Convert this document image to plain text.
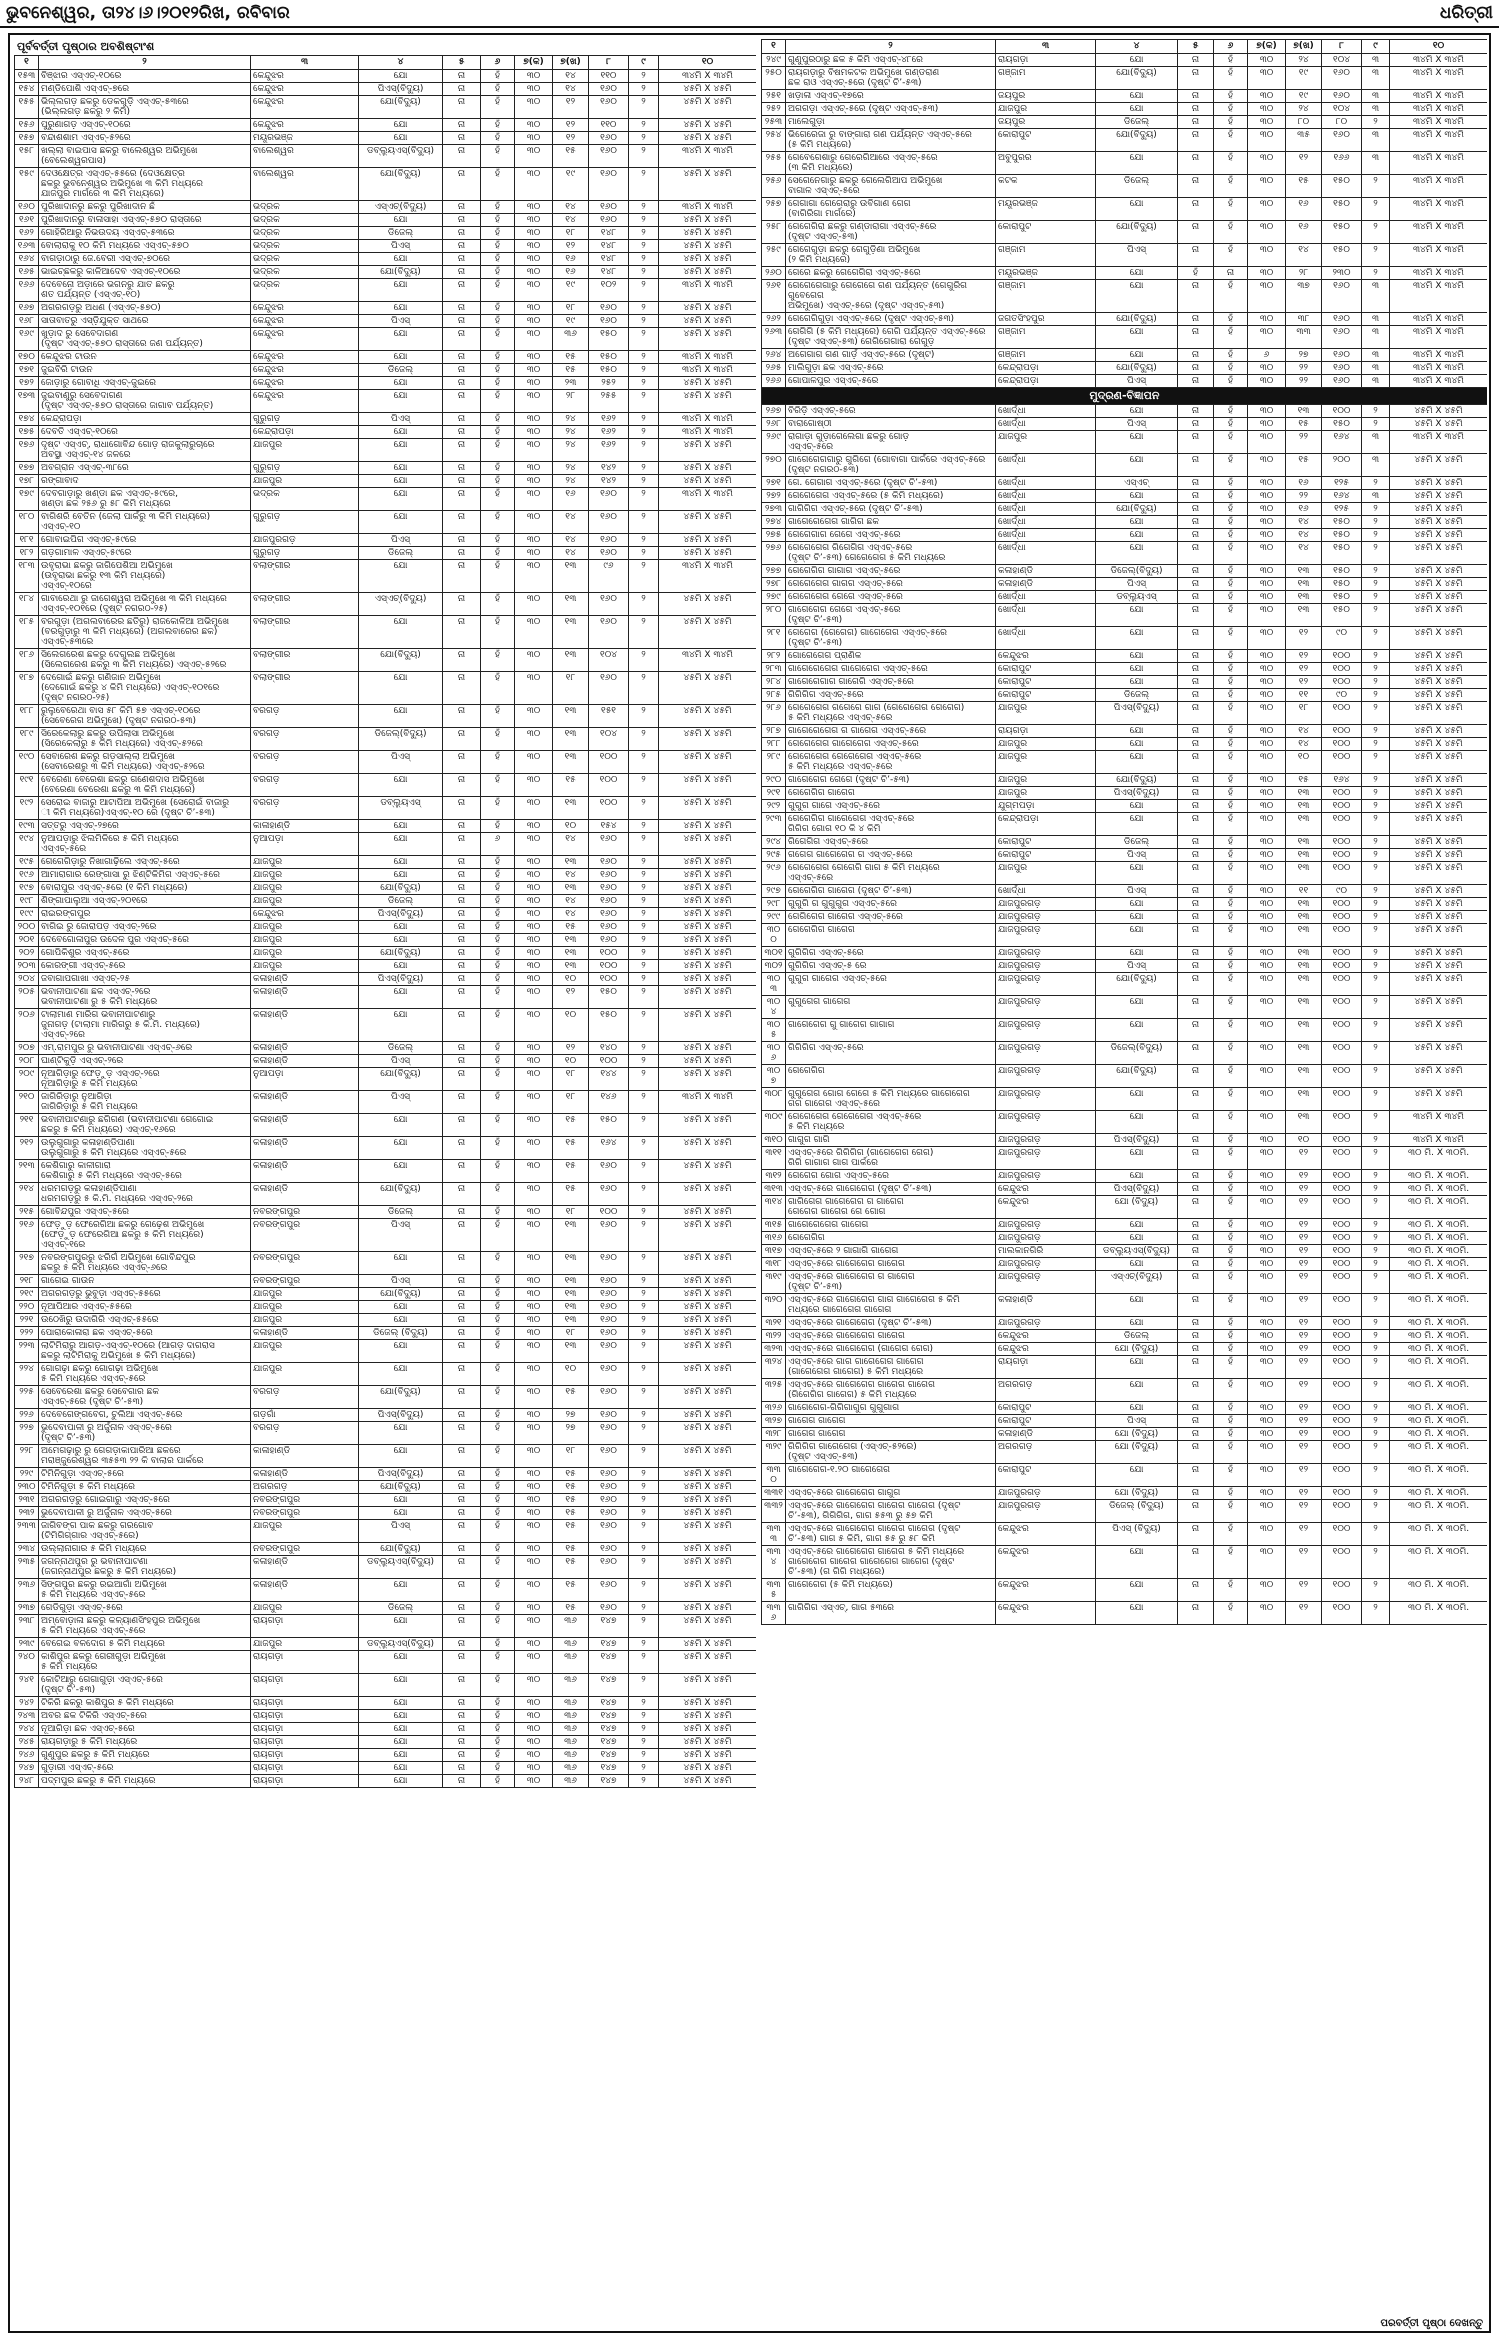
ଭୁବନେଶ୍ୱର, ତା୨୪।୬।୨୦୧୨ରିଖ, ରବିବାର	ଧରିତ୍ରୀ
ପୂର୍ବବର୍ତ୍ତୀ ପୃଷ୍ଠାର ଅବଶିଷ୍ଟାଂଶ
୧	୨	୩	୪	୫	୬	୭(କ)	୭(ଖ)	୮	୯	୧୦
୧୫୩	ବିଞ୍ଝାର ଏସ୍‌ଏଚ୍-୧୦ରେ	କେନ୍ଦୁଝର	ଯୋ	ନା	ହଁ	୩୦	୧୪	୧୧୦	୨	୩୪ମି X ୩୪ମି
୧୫୪	ମଣ୍ଡିପୋଶି ଏସ୍‌ଏଚ୍-୭ରେ	କେନ୍ଦୁଝର	ପିଏସ୍(ବିଦ୍ୟୁ)	ନା	ହଁ	୩୦	୧୪	୧୬୦	୨	୪୫ମି X ୪୫ମି
୧୫୫	ଭିଲ୍ଲଗଡ଼ ଛକରୁ ଡେକଗୁଡ଼ି ଏସ୍‌ଏଚ୍-୫୩ରେ
(ଭିଲ୍ଲଗଡ଼ ଛକରୁ ୨ କିମି)	କେନ୍ଦୁଝର	ଯୋ(ବିଦ୍ୟୁ)	ନା	ହଁ	୩୦	୧୨	୧୬୦	୨	୪୫ମି X ୪୫ମି
୧୫୬	ପୁରୁଣାଗଡ଼ ଏସ୍‌ଏଚ୍-୧୦ରେ	କେନ୍ଦୁଝର	ଯୋ	ନା	ହଁ	୩୦	୧୨	୧୧୦	୨	୪୫ମି X ୪୫ମି
୧୫୭	ବନ୍ଦାଶଶାମ ଏସ୍‌ଏଚ୍-୫୨ରେ	ମୟୂରଭଞ୍ଜ	ଯୋ	ନା	ହଁ	୩୦	୧୨	୧୬୦	୨	୪୫ମି X ୪୫ମି
୧୫୮	ଖଲ୍ଲା ବାଇପାସ ଛକରୁ ବାଲେଶ୍ୱର ଅଭିମୁଖେ
(ବେଲେଶ୍ୱରପାସ)	ବାଲେଶ୍ୱର	ଡବ୍ଲ୍ୟୁଏସ୍(ବିଦ୍ୟୁ)	ନା	ହଁ	୩୦	୧୫	୧୬୦	୨	୩୪ମି X ୩୪ମି
୧୫୯	ଦେଓକ୍ଷେତ୍ର ଏସ୍‌ଏଚ୍-୫୫ରେ (ଦେଓକ୍ଷେତ୍ର
ଛକରୁ ଭୁବନେଶ୍ୱର ଅଭିମୁଖେ ୩ କିମି ମଧ୍ୟରେ
ଯାଜପୁର ମାର୍ଗରେ ୩ କିମି ମଧ୍ୟରେ)	ବାଲେଶ୍ୱର	ଯୋ(ବିଦ୍ୟୁ)	ନା	ହଁ	୩୦	୧୯	୧୬୦	୨	୪୫ମି X ୪୫ମି
୧୬୦	ପୁରିଖାଦାନରୁ ଛକରୁ ପୁରିଖାଦାନ ଛଁ	ଭଦ୍ରକ	ଏସ୍‌ଏଚ୍(ବିଦ୍ୟୁ)	ନା	ହଁ	୩୦	୧୪	୧୬୦	୨	୩୪ମି X ୩୪ମି
୧୬୧	ପୁରିଖାଦାନରୁ ବାଳାସାହା ଏସ୍‌ଏଚ୍-୫୭୦ ରାସ୍ତାରେ	ଭଦ୍ରକ	ଯୋ	ନା	ହଁ	୩୦	୧୪	୧୬୦	୨	୪୫ମି X ୪୫ମି
୧୬୨	ଗୋହିରିଆରୁ ନିଭଉଦୟ ଏସ୍‌ଏଚ୍-୫୩ରେ	ଭଦ୍ରକ	ଡିଜେଲ୍	ନା	ହଁ	୩୦	୧୮	୧୪୮	୨	୪୫ମି X ୪୫ମି
୧୬୩	ବୋଲାରାକୁ ୧୦ କିମି ମଧ୍ୟରେ ଏସ୍‌ଏଚ୍-୫୭୦	ଭଦ୍ରକ	ପିଏସ୍	ନା	ହଁ	୩୦	୧୨	୧୪୮	୨	୪୫ମି X ୪୫ମି
୧୬୪	ବାଗଡ଼ାଠାରୁ ଜେ.ବେରୀ ଏସ୍‌ଏଚ୍-୭୦ରେ	ଭଦ୍ରକ	ଯୋ	ନା	ହଁ	୩୦	୧୬	୧୪୮	୨	୪୫ମି X ୪୫ମି
୧୬୫	ଭାଇଚ୍ଛକରୁ କାଳିଆଦେବ ଏସ୍‌ଏଚ୍-୧୦ରେ	ଭଦ୍ରକ	ଯୋ(ବିଦ୍ୟୁ)	ନା	ହଁ	୩୦	୧୬	୧୪୮	୨	୪୫ମି X ୪୫ମି
୧୬୬	ଦେବେନୋ ଅଡ଼ାରେ ଭଗନରୁ ଯାତ ଛକରୁ
ଶତ ପର୍ଯ୍ୟନ୍ତ (ଏସ୍‌ଏଚ୍-୧୦)	ଭଦ୍ରକ	ଯୋ	ନା	ହଁ	୩୦	୧୯	୧୦୨	୨	୩୪ମି X ୩୪ମି
୧୬୭	ଅଗରଗଡ଼ରୁ ଅଧଣ (ଏସ୍‌ଏଚ୍-୫୭୦)	କେନ୍ଦୁଝର	ଯୋ	ନା	ହଁ	୩୦	୧୮	୧୬୦	୨	୪୫ମି X ୪୫ମି
୧୬୮	ସାତାବାତରୁ ଏସ୍‌ଡ଼ିଯୁକ୍ତ ସାଥରେ	କେନ୍ଦୁଝର	ପିଏସ୍	ନା	ହଁ	୩୦	୧୯	୧୬୦	୨	୪୫ମି X ୪୫ମି
୧୬୯	ଖୁଡ଼ାଦ ରୁ ସେବେଦାଗଣ
(ଦୃଷ୍ଟ ଏସ୍‌ଏଚ୍-୫୭୦ ରାସ୍ତାରେ ଜଣ ପର୍ଯ୍ୟନ୍ତ)	କେନ୍ଦୁଝର	ଯୋ	ନା	ହଁ	୩୦	୩୬	୧୫୦	୨	୪୫ମି X ୪୫ମି
୧୭୦	କେନ୍ଦୁଝର ଟାଉନ	କେନ୍ଦୁଝର	ଯୋ	ନା	ହଁ	୩୦	୧୫	୧୫୦	୨	୩୪ମି X ୩୪ମି
୧୭୧	ଜୁଇବିରି ଟାଉନ	କେନ୍ଦୁଝର	ଡିଜେଲ୍	ନା	ହଁ	୩୦	୧୫	୧୫୦	୨	୩୪ମି X ୩୪ମି
୧୭୨	ଜୋଡ଼ାରୁ ଗୋବାଧି ଏସ୍‌ଏଚ୍-ଜୁଇରେ	କେନ୍ଦୁଝର	ଯୋ	ନା	ହଁ	୩୦	୨୩	୨୫୨	୨	୪୫ମି X ୪୫ମି
୧୭୩	ଜୁଇବାଣୁରୁ ସେବେଦାଗଣ
(ଦୃଷ୍ଟ ଏସ୍‌ଏଚ୍-୫୭୦ ରାସ୍ତାରେ ଜାଗାବ ପର୍ଯ୍ୟନ୍ତ)	କେନ୍ଦୁଝର	ଯୋ	ନା	ହଁ	୩୦	୨୮	୨୫୫	୨	୪୫ମି X ୪୫ମି
୧୭୪	କେନ୍ଦ୍ରାପଡ଼ା	ଗୁରୁଗଡ଼	ପିଏସ୍	ନା	ହଁ	୩୦	୨୪	୧୬୨	୨	୩୪ମି X ୩୪ମି
୧୭୫	ଦେବତି ଏସ୍‌ଏଚ୍-୧୦ରେ	କେନ୍ଦ୍ରାପଡ଼ା	ଯୋ	ନା	ହଁ	୩୦	୨୪	୧୬୨	୨	୩୪ମି X ୩୪ମି
୧୭୬	ଦୃଷ୍ଟ ଏସ୍‌ଏଚ୍, ରାଧାଗୋବିନ୍ଦ ଗୋଡ଼ ରାଜକୁଲାରୁଚାରେ
ଅବସ୍ଥା ଏସ୍‌ଏଚ୍-୧୪ ଜଳରେ	ଯାଜପୁର	ଯୋ	ନା	ହଁ	୩୦	୨୪	୧୬୨	୨	୪୫ମି X ୪୫ମି
୧୭୭	ଅବଗ୍ରାନ ଏସ୍‌ଏଚ୍-୩୮ରେ	ଗୁରୁଗଡ଼	ଯୋ	ନା	ହଁ	୩୦	୨୪	୧୪୨	୨	୪୫ମି X ୪୫ମି
୧୭୮	ରଙ୍ଗାବାଦ	ଯାଜପୁର	ଯୋ	ନା	ହଁ	୩୦	୨୪	୧୪୨	୨	୪୫ମି X ୪୫ମି
୧୭୯	ଦେବଗାଡ଼ାରୁ ଖଣ୍ଡା ଛକ ଏସ୍‌ଏଚ୍-୫୯ରେ,
ଖଣ୍ଡା ଛକ ୨୫୬ ରୁ ୫୮ କିମି ମଧ୍ୟରେ	ଭଦ୍ରକ	ଯୋ	ନା	ହଁ	୩୦	୧୬	୧୬୦	୨	୩୪ମି X ୩୪ମି
୧୮୦	ବାଗିଶରି ବେତିନ (ଜେଲା ପାର୍କରୁ ୩ କିମି ମଧ୍ୟରେ)
ଏସ୍‌ଏଚ୍-୧୦	ଗୁରୁଗଡ଼	ଯୋ	ନା	ହଁ	୩୦	୧୪	୧୬୦	୨	୪୫ମି X ୪୫ମି
୧୮୧	ଗୋବାଇପିଗ ଏସ୍‌ଏଚ୍-୫୯ରେ	ଯାଜପୁରଗଡ଼	ପିଏସ୍	ନା	ହଁ	୩୦	୧୪	୧୬୦	୨	୪୫ମି X ୪୫ମି
୧୮୨	ଗଡ଼ଗାମାଳ ଏସ୍‌ଏଚ୍-୫୯ରେ	ଗୁରୁଗଡ଼	ଡିଜେଲ୍	ନା	ହଁ	୩୦	୧୪	୧୬୦	୨	୪୫ମି X ୪୫ମି
୧୮୩	ଉବୃରାଭା ଛକରୁ ଜାଗିପେଶିଆ ଅଭିମୁଖେ
(ଉବୃରାଭା ଛକରୁ ୧୩ କିମି ମଧ୍ୟରେ)
ଏସ୍‌ଏଚ୍-୧୦ରେ	ବଲାଙ୍ଗୀର	ଯୋ	ନା	ହଁ	୩୦	୧୩	୯୬	୨	୩୪ମି X ୩୪ମି
୧୮୪	ଗାବାରେଥା ରୁ ଜାଗେଶ୍ୱରା ଅଭିମୁଖେ ୩ କିମି ମଧ୍ୟରେ
ଏସ୍‌ଏଚ୍-୧୦୧ରେ (ଦୃଷ୍ଟ ନଗରଠ-୨୫)	ବଲାଙ୍ଗୀର	ଏସ୍‌ଏଚ୍(ବିଦ୍ୟୁ)	ନା	ହଁ	୩୦	୧୩	୧୬୦	୨	୪୫ମି X ୪୫ମି
୧୮୫	ବରଗୁଡ଼ା (ଅଗଲବାରେର ଛତିରୁ) ରାଜକୋଳିଆ ଅଭିମୁଖେ
(ବରଗୁଡ଼ାରୁ ୩ କିମି ମଧ୍ୟରେ) (ଅଗଲବାରେର ଛକ)
ଏସ୍‌ଏଚ୍-୫୩ରେ	ବଲାଙ୍ଗୀର	ଯୋ	ନା	ହଁ	୩୦	୧୩	୧୬୦	୨	୪୫ମି X ୪୫ମି
୧୮୬	ସିଲେଗରେଶ ଛକରୁ ଦେଗୁଲଛ ଅଭିମୁଖେ
(ସିଲେଗରେଶ ଛକରୁ ୩ କିମି ମଧ୍ୟରେ) ଏସ୍‌ଏଚ୍-୫୨ରେ	ବଲାଙ୍ଗୀର	ଯୋ(ବିଦ୍ୟୁ)	ନା	ହଁ	୩୦	୧୩	୧୦୪	୨	୩୪ମି X ୩୪ମି
୧୮୭	ଦେଗୋଇଁ ଛକରୁ ଗଣିଜାନ ଅଭିମୁଖେ
(ଦେଗୋଇଁ ଛକରୁ ୪ କିମି ମଧ୍ୟରେ) ଏସ୍‌ଏଚ୍-୧୦୧ରେ
(ଦୃଷ୍ଟ ନଗରଠ-୨୫)	ବଲାଙ୍ଗୀର	ଯୋ	ନା	ହଁ	୩୦	୧୮	୧୬୦	୨	୪୫ମି X ୪୫ମି
୧୮୮	ରୁଲୁବେରେଥା ବାସ ୫୮ କିମି ୫୭ ଏସ୍‌ଏଚ୍-୧୦ରେ
(ସେବେରେଗ ଅଭିମୁଖେ) (ଦୃଷ୍ଟ ନଗରଠ-୫୩)	ବରଗଡ଼	ଯୋ	ନା	ହଁ	୩୦	୧୩	୧୫୧	୨	୪୫ମି X ୪୫ମି
୧୮୯	ସିରେକେଲାରୁ ଛକରୁ ଉପିଲାସା ଅଭିମୁଖେ
(ସିରେକେଲାରୁ ୫ କିମି ମଧ୍ୟରେ) ଏସ୍‌ଏଚ୍-୫୨ରେ	ବରଗଡ଼	ଡିଜେଲ୍(ବିଦ୍ୟୁ)	ନା	ହଁ	୩୦	୧୩	୧୦୪	୨	୪୫ମି X ୪୫ମି
୧୯୦	ସେବାରେଶ ଛକରୁ ଗଡ଼ସାଲ୍ଲା ଅଭିମୁଖେ
(ସେବାରେଶରୁ ୩ କିମି ମଧ୍ୟରେ) ଏସ୍‌ଏଚ୍-୫୨ରେ	ବରଗଡ଼	ପିଏସ୍	ନା	ହଁ	୩୦	୧୩	୧୦୦	୨	୪୫ମି X ୪୫ମି
୧୯୧	ବେରେଣା ବେରେଶା ଛକରୁ ଗଣେଶଦାସ ଅଭିମୁଖେ
(ବେରେଣା ବେରେଶା ଛକରୁ ୩ କିମି ମଧ୍ୟରେ)	ବରଗଡ଼	ଯୋ	ନା	ହଁ	୩୦	୧୫	୧୦୦	୨	୪୫ମି X ୪୫ମି
୧୯୨	ସେରୋଇ ବାଜାରୁ ଆଟାପିଆ ଅଭିମୁଖେ (ସେରୋଇଁ ବାଜାରୁ
ୀ କିମି ମଧ୍ୟରେ)ଏସ୍‌ଏଚ୍-୧୦ ରେ (ଦୃଷ୍ଟ ଚି’-୫୩)	ବରଗଡ଼	ଡବ୍ଲ୍ୟୁଏସ୍	ନା	ହଁ	୩୦	୧୩	୧୦୦	୨	୪୫ମି X ୪୫ମି
୧୯୩	ସତ୍ତରୁ ଏସ୍‌ଏଚ୍-୨୭ରେ	କାଳାହାଣ୍ଡି	ଯୋ	ନା	ହଁ	୩୦	୧୦	୧୫୪	୨	୪୫ମି X ୪୫ମି
୧୯୪	ନୁଆପଡ଼ାରୁ ଝିଲମିଳିରେ ୫ କିମି ମଧ୍ୟରେ
ଏସ୍‌ଏଚ୍-୫ରେ	ନୁଆପଡ଼ା	ଯୋ	ନା	୬	୩୦	୧୪	୧୬୦	୨	୪୫ମି X ୪୫ମି
୧୯୫	ଗେଗେଗିଡ଼ାରୁ ନିଖାଗାଢ଼ିଲେ ଏସ୍‌ଏଚ୍-୫ରେ	ଯାଜପୁର	ଯୋ	ନା	ହଁ	୩୦	୧୩	୧୬୦	୨	୪୫ମି X ୪୫ମି
୧୯୬	ଆମାରାଗାର ରେଙ୍ଗାସା ରୁ ଝିଣ୍ଟିକିମିଗ ଏସ୍‌ଏଚ୍-୫ରେ	ଯାଜପୁର	ଯୋ	ନା	ହଁ	୩୦	୧୪	୧୬୦	୨	୪୫ମି X ୪୫ମି
୧୯୭	ବୋରାପୁର ଏସ୍‌ଏଚ୍-୫ରେ (୧ କିମି ମଧ୍ୟରେ)	ଯାଜପୁର	ଯୋ(ବିଦ୍ୟୁ)	ନା	ହଁ	୩୦	୧୩	୧୬୦	୨	୪୫ମି X ୪୫ମି
୧୯୮	ଶିଙ୍ଗାପାଲୁଆ ଏସ୍‌ଏଚ୍-୨୦୧ରେ	ଯାଜପୁର	ଡିଜେଲ୍	ନା	ହଁ	୩୦	୧୪	୧୬୦	୨	୪୫ମି X ୪୫ମି
୧୯୯	ରାଇରଙ୍ଗପୁର	କେନ୍ଦୁଝର	ପିଏସ୍(ବିଦ୍ୟୁ)	ନା	ହଁ	୩୦	୧୪	୧୬୦	୨	୪୫ମି X ୪୫ମି
୨୦୦	ବାଗିଇ ରୁ ଜୋରାପଡ଼ ଏସ୍‌ଏଚ୍-୨ରେ	ଯାଜପୁର	ଯୋ	ନା	ହଁ	୩୦	୧୫	୧୬୦	୨	୪୫ମି X ୪୫ମି
୨୦୧	ଦେବେଗୋଳାପୁର ଉଦେଳ ପୁର ଏସ୍‌ଏଚ୍-୫ରେ	ଯାଜପୁର	ଯୋ	ନା	ହଁ	୩୦	୧୩	୧୬୦	୨	୪୫ମି X ୪୫ମି
୨୦୨	ଗୋପିକିଶୁର ଏସ୍‌ଏଚ୍-୫ରେ	ଯାଜପୁର	ଯୋ(ବିଦ୍ୟୁ)	ନା	ହଁ	୩୦	୧୩	୧୦୦	୨	୪୫ମି X ୪୫ମି
୨୦୩	କୋରଙ୍ଗୀ ଏସ୍‌ଏଚ୍-୫ରେ	ଯାଜପୁର	ଯୋ	ନା	ହଁ	୩୦	୧୩	୧୦୦	୨	୪୫ମି X ୪୫ମି
୨୦୪	ଜବାଗାପଗାଖା ଏସ୍‌ଏଚ୍-୨୫	କଳାହାଣ୍ଡି	ପିଏସ୍(ବିଦ୍ୟୁ)	ନା	ହଁ	୩୦	୧୦	୧୦୦	୨	୪୫ମି X ୪୫ମି
୨୦୫	ଭବାନୀପାଟଣା ଛକ ଏସ୍‌ଏଚ୍-୨ରେ
ଭବାନୀପାଟଣା ରୁ ୫ କିମି ମଧ୍ୟରେ	କଳାହାଣ୍ଡି	ଯୋ	ନା	ହଁ	୩୦	୧୨	୧୫୦	୨	୪୫ମି X ୪୫ମି
୨୦୬	ଟାଲାମାଣ ମାରିଗ ଭବାନୀପାଟଣାରୁ
ଜୁନାଗଡ଼ (ଟାଲାମା ମାରିଗରୁ ୫ କି.ମି. ମଧ୍ୟରେ)
ଏସ୍‌ଏଚ୍-୨ରେ	କଳାହାଣ୍ଡି	ଯୋ	ନା	ହଁ	୩୦	୧୦	୧୫୦	୨	୪୫ମି X ୪୫ମି
୨୦୭	ଏମ୍‌.ରାମପୁର ରୁ ଭବାନୀପାଟଣା ଏସ୍‌ଏଚ୍-୬ରେ	କଳାହାଣ୍ଡି	ଡିଜେଲ୍	ନା	ହଁ	୩୦	୧୨	୧୪୦	୨	୪୫ମି X ୪୫ମି
୨୦୮	ଘାଣ୍ଟିକୁଡ଼ି ଏସ୍‌ଏଚ୍-୨ରେ	କଳାହାଣ୍ଡି	ପିଏସ୍	ନା	ହଁ	୩୦	୧୦	୧୦୦	୨	୪୫ମି X ୪୫ମି
୨୦୯	ନୂଆଗିଡ଼ାରୁ ଫେଡ଼ୁଡ଼ ଏସ୍‌ଏଚ୍-୨ରେ
ନୂଆଗିଡ଼ାରୁ ୫ କିମି ମଧ୍ୟରେ	ନୁଆପଡ଼ା	ଯୋ(ବିଦ୍ୟୁ)	ନା	ହଁ	୩୦	୧୮	୧୪୪	୨	୪୫ମି X ୪୫ମି
୨୧୦	ଜାଗିରିଡ଼ାରୁ ନୁଆଗିଡ଼ା
ଜାଗିରିଡ଼ାରୁ ୫ କିମି ମଧ୍ୟରେ	କଳାହାଣ୍ଡି	ପିଏସ୍	ନା	ହଁ	୩୦	୧୮	୧୪୬	୨	୩୪ମି X ୩୪ମି
୨୧୧	ଭବାନୀପାଟଣାରୁ ଛଗିଗଣ (ଭବାନୀପାଟଣା ଗେଗୋଇ
ଛକରୁ ୫ କିମି ମଧ୍ୟରେ) ଏସ୍‌ଏଚ୍-୧୬ରେ	କଳାହାଣ୍ଡି	ଯୋ	ନା	ହଁ	୩୦	୧୫	୧୫୦	୨	୪୫ମି X ୪୫ମି
୨୧୨	ଉଲୁଗୁଗାରୁ କଳାହାଣ୍ଡିପାଣା
ଉଲୁଗୁଗାରୁ ୫ କିମି ମଧ୍ୟରେ ଏସ୍‌ଏଚ୍-୫ରେ	କଳାହାଣ୍ଡି	ଯୋ	ନା	ହଁ	୩୦	୧୫	୧୬୪	୨	୪୫ମି X ୪୫ମି
୨୧୩	କେଶିଗାରୁ କାଳୀଗାରା
କେଶିଗାରୁ ୫ କିମି ମଧ୍ୟରେ ଏସ୍‌ଏଚ୍-୫ରେ	କଳାହାଣ୍ଡି	ଯୋ	ନା	ହଁ	୩୦	୧୫	୧୬୦	୨	୪୫ମି X ୪୫ମି
୨୧୪	ଧରମଗଡ଼ରୁ କଳାହାଣ୍ଡିପାଣା
ଧରମଗଡ଼ରୁ ୫ କି.ମି. ମଧ୍ୟରେ ଏସ୍‌ଏଚ୍-୨ରେ	କଳାହାଣ୍ଡି	ଯୋ(ବିଦ୍ୟୁ)	ନା	ହଁ	୩୦	୧୫	୧୬୦	୨	୪୫ମି X ୪୫ମି
୨୧୫	ଗୋବିନ୍ଦପୁର ଏସ୍‌ଏଚ୍-୫ରେ	ନବରଙ୍ଗପୁର	ଡିଜେଲ୍	ନା	ହଁ	୩୦	୧୮	୧୦୦	୨	୪୫ମି X ୪୫ମି
୨୧୬	ଫେଡ଼ୁଡ଼ ଫେରେଗିଆ ଛକରୁ ଗେଢ଼େଶ ଅଭିମୁଖେ
(ଫେଡ଼ୁଡ଼ ଫେରେଗିଆ ଛକରୁ ୫ କିମି ମଧ୍ୟରେ)
ଏସ୍‌ଏଚ୍-୧ରେ	ନବରଙ୍ଗପୁର	ପିଏସ୍	ନା	ହଁ	୩୦	୧୩	୧୬୦	୨	୪୫ମି X ୪୫ମି
୨୧୭	ନବରଙ୍ଗପୁରରୁ ଝରିଗଁ ଅଭିମୁଖେ ଗୋବିନ୍ଦପୁର
ଛକରୁ ୫ କିମି ମଧ୍ୟରେ ଏସ୍‌ଏଚ୍-୬ରେ	ନବରଙ୍ଗପୁର	ଯୋ	ନା	ହଁ	୩୦	୧୩	୧୬୦	୨	୪୫ମି X ୪୫ମି
୨୧୮	ଗାଗେଇ ଗାଉନ	ନବରଙ୍ଗପୁର	ପିଏସ୍	ନା	ହଁ	୩୦	୧୩	୧୬୦	୨	୪୫ମି X ୪୫ମି
୨୧୯	ଅଗରଗଡ଼ରୁ ଭୁବୁଡ଼ା ଏସ୍‌ଏଚ୍-୫୫ରେ	ଯାଜପୁର	ଯୋ(ବିଦ୍ୟୁ)	ନା	ହଁ	୩୦	୧୩	୧୬୦	୨	୪୫ମି X ୪୫ମି
୨୨୦	ନୂଆପିଆର ଏସ୍‌ଏଚ୍-୫୫ରେ	ଯାଜପୁର	ଯୋ	ନା	ହଁ	୩୦	୧୩	୧୬୦	୨	୪୫ମି X ୪୫ମି
୨୨୧	ଉଠେଖିରୁ ଉଦାଗିରି ଏସ୍‌ଏଚ୍-୫୫ରେ	ଯାଜପୁର	ଯୋ	ନା	ହଁ	୩୦	୧୩	୧୬୦	୨	୪୫ମି X ୪୫ମି
୨୨୨	ପୋରାକୋଳାରା ଛକ ଏସ୍‌ଏଚ୍-୫ରେ	କଳାହାଣ୍ଡି	ଡିଜେଲ୍ (ବିଦ୍ୟୁ)	ନା	ହଁ	୩୦	୧୮	୧୬୦	୨	୪୫ମି X ୪୫ମି
୨୨୩	ଲାଟିମିରାରୁ ଆଗଡ଼-ଏସ୍‌ଏଚ୍-୧୦ରେ (ଆଗଡ଼ ଦାଗରାସ
ଛକରୁ ଲାଟିମିରାକୁ ଅଭିମୁଖେ ୫ କିମି ମଧ୍ୟରେ)	ଯାଜପୁର	ଯୋ	ନା	ହଁ	୩୦	୧୩	୧୬୦	୨	୪୫ମି X ୪୫ମି
୨୨୪	ଗୋଗଢ଼ା ଛକରୁ ଗୋଗଢ଼ା ଅଭିମୁଖେ
୫ କିମି ମଧ୍ୟରେ ଏସ୍‌ଏଚ୍-୫ରେ	ଯାଜପୁର	ଯୋ	ନା	ହଁ	୩୦	୧୦	୧୬୦	୨	୪୫ମି X ୪୫ମି
୨୨୫	ସେବେରେଶା ଛକରୁ ସେବେଗାର ଛକ
ଏସ୍‌ଏଚ୍-୫ରେ (ଦୃଷ୍ଟ ଚି’-୫୩)	ବରଗଡ଼	ଯୋ(ବିଦ୍ୟୁ)	ନା	ହଁ	୩୦	୧୫	୧୬୦	୨	୪୫ମି X ୪୫ମି
୨୨୬	ଦେବେଗେଙ୍ଗବେଗ, ଚୁଲିଆ ଏସ୍‌ଏଚ୍-୫ରେ	ଗଡ଼ଗାଁ	ପିଏସ୍(ବିଦ୍ୟୁ)	ନା	ହଁ	୩୦	୨୭	୧୬୦	୨	୪୫ମି X ୪୫ମି
୨୨୭	ଭୁଦେବାପାଳୀ ରୁ ଅର୍ଜୁନାଳ ଏସ୍‌ଏଚ୍-୫ରେ
(ଦୃଷ୍ଟ ଚି’-୫୩)	ବରଗଡ଼	ଯୋ	ନା	ହଁ	୩୦	୨୭	୧୬୦	୨	୪୫ମି X ୪୫ମି
୨୨୮	ଅମେଗଢ଼ାରୁ ରୁ ଗେଗଡ଼ାକାପାରିଆ ଛକରେ
ମରାଞ୍ଜୁରେଶ୍ୱର ୩୫୫୩ ୨୨ କି ବାଲାର ପାର୍କରେ	କାଳାହାଣ୍ଡି	ଯୋ	ନା	ହଁ	୩୦	୧୮	୧୬୦	୨	୪୫ମି X ୪୫ମି
୨୨୯	ଟିମିନିଗୁଡ଼ା ଏସ୍‌ଏଚ୍-୫ରେ	କଳାହାଣ୍ଡି	ପିଏସ୍(ବିଦ୍ୟୁ)	ନା	ହଁ	୩୦	୧୫	୧୬୦	୨	୪୫ମି X ୪୫ମି
୨୩୦	ଟିମିନିଗୁଡ଼ା ୫ କିମି ମଧ୍ୟରେ	ଅଗରଗଡ଼	ଯୋ(ବିଦ୍ୟୁ)	ନା	ହଁ	୩୦	୧୫	୧୬୦	୨	୪୫ମି X ୪୫ମି
୨୩୧	ଅଗରଗଡ଼ରୁ ଗୋଇଗାରୁ ଏସ୍‌ଏଚ୍-୫ରେ	ନବରଙ୍ଗପୁର	ଯୋ	ନା	ହଁ	୩୦	୧୫	୧୬୦	୨	୪୫ମି X ୪୫ମି
୨୩୨	ଭୁଦେବାପାଳୀ ରୁ ଅର୍ଜୁନାଳ ଏସ୍‌ଏଚ୍-୫ରେ	ନବରଙ୍ଗପୁର	ଯୋ	ନା	ହଁ	୩୦	୧୫	୧୬୦	୨	୪୫ମି X ୪୫ମି
୨୩୩	ଜାଗିବଙ୍ଗ ପାକ ଛକରୁ ଗରଗୋବ
(ଟିମିଗିଗ୍‌ଗାର ଏସ୍‌ଏଚ୍-୫ରେ)	ଯାଜପୁର	ପିଏସ୍	ନା	ହଁ	୩୦	୧୫	୧୬୦	୨	୪୫ମି X ୪୫ମି
୨୩୪	ଉଲ୍ଲାନାଗାର ୫ କିମି ମଧ୍ୟରେ	ନବରଙ୍ଗପୁର	ଯୋ(ବିଦ୍ୟୁ)	ନା	ହଁ	୩୦	୧୫	୧୬୦	୨	୪୫ମି X ୪୫ମି
୨୩୫	ଜଗନ୍ନାଥପୁର ରୁ ଭବାନୀପାଟଣା
(ଜଗନ୍ନାଥପୁର ଛକରୁ ୫ କିମି ମଧ୍ୟରେ)	କଳାହାଣ୍ଡି	ଡବ୍ଲ୍ୟୁଏସ୍(ବିଦ୍ୟୁ)	ନା	ହଁ	୩୦	୧୫	୧୬୦	୨	୪୫ମି X ୪୫ମି
୨୩୬	ସିଙ୍ଗପୁର ଛକରୁ ରଇଆଗାଁ ଅଭିମୁଖେ
୫ କିମି ମଧ୍ୟରେ ଏସ୍‌ଏଚ୍-୫ରେ	କଳାହାଣ୍ଡି	ଯୋ	ନା	ହଁ	୩୦	୧୫	୧୬୦	୨	୪୫ମି X ୪୫ମି
୨୩୭	ଗେଡିଗୁଡ଼ା ଏସ୍‌ଏଚ୍-୫ରେ	ଯାଜପୁର	ଡିଜେଲ୍	ନା	ହଁ	୩୦	୧୫	୧୬୦	୨	୪୫ମି X ୪୫ମି
୨୩୮	ଅମ୍ବୋଡ଼ାଳା ଛକରୁ କଳ୍ୟାଣସିଂହପୁର ଅଭିମୁଖେ
୫ କିମି ମଧ୍ୟରେ ଏସ୍‌ଏଚ୍-୫ରେ	ରାୟଗଡ଼ା	ଯୋ	ନା	ହଁ	୩୦	୩୬	୧୪୭	୨	୪୫ମି X ୪୫ମି
୨୩୯	ବେଗେଇ ବଳଦୋଗ ୫ କିମି ମଧ୍ୟରେ	ଯାଜପୁର	ଡବ୍ଲ୍ୟୁଏସ୍(ବିଦ୍ୟୁ)	ନା	ହଁ	୩୦	୩୬	୧୪୭	୨	୪୫ମି X ୪୫ମି
୨୪୦	କାଶିପୁର ଛକରୁ ଗେରୀଗୁଡ଼ା ଅଭିମୁଖେ
୫ କିମି ମଧ୍ୟରେ	ରାୟଗଡ଼ା	ଯୋ	ନା	ହଁ	୩୦	୩୬	୧୪୭	୨	୪୫ମି X ୪୫ମି
୨୪୧	କୋଟିଆରୁ ଗେଗାଗୁଡ଼ା ଏସ୍‌ଏଚ୍-୫ରେ
(ଦୃଷ୍ଟ ଚି’-୫୩)	ରାୟଗଡ଼ା	ଯୋ	ନା	ହଁ	୩୦	୩୬	୧୪୭	୨	୪୫ମି X ୪୫ମି
୨୪୨	ଟିକିରି ଛକରୁ କାଶିପୁର ୫ କିମି ମଧ୍ୟରେ	ରାୟଗଡ଼ା	ଯୋ	ନା	ହଁ	୩୦	୩୬	୧୪୭	୨	୪୫ମି X ୪୫ମି
୨୪୩	ଅବର ଛକ ଟିକିରି ଏସ୍‌ଏଚ୍-୫ରେ	ରାୟଗଡ଼ା	ଯୋ	ନା	ହଁ	୩୦	୩୬	୧୪୭	୨	୪୫ମି X ୪୫ମି
୨୪୪	ନୂଆଗିଡ଼ା ଛକ ଏସ୍‌ଏଚ୍-୫ରେ	ରାୟଗଡ଼ା	ଯୋ	ନା	ହଁ	୩୦	୩୬	୧୪୭	୨	୪୫ମି X ୪୫ମି
୨୪୫	ରାୟଗଡ଼ାରୁ ୫ କିମି ମଧ୍ୟରେ	ରାୟଗଡ଼ା	ଯୋ	ନା	ହଁ	୩୦	୩୬	୧୪୭	୨	୪୫ମି X ୪୫ମି
୨୪୬	ଗୁଣୁପୁର ଛକରୁ ୫ କିମି ମଧ୍ୟରେ	ରାୟଗଡ଼ା	ଯୋ	ନା	ହଁ	୩୦	୩୬	୧୪୭	୨	୪୫ମି X ୪୫ମି
୨୪୭	ଗୁଡ଼ାରୀ ଏସ୍‌ଏଚ୍-୫ରେ	ରାୟଗଡ଼ା	ଯୋ	ନା	ହଁ	୩୦	୩୬	୧୪୭	୨	୪୫ମି X ୪୫ମି
୨୪୮	ପଦ୍ମପୁର ଛକରୁ ୫ କିମି ମଧ୍ୟରେ	ରାୟଗଡ଼ା	ଯୋ	ନା	ହଁ	୩୦	୩୬	୧୪୭	୨	୪୫ମି X ୪୫ମି
୧	୨	୩	୪	୫	୬	୭(କ)	୭(ଖ)	୮	୯	୧୦
୨୪୯	ଗୁଣୁପୁରଠାରୁ ଛକ ୫ କିମି ଏସ୍‌ଏଚ୍-୪୮ରେ	ରାୟଗଡ଼ା	ଯୋ	ନା	ହଁ	୩୦	୨୪	୧୦୪	୩	୩୪ମି X ୩୪ମି
୨୫୦	ରାୟଗଡ଼ାରୁ ବିଷମକଟକ ଅଭିମୁଖେ ଗଣ୍ଡରାଣ
ଛକ ରାଓ ଏସ୍‌ଏଚ୍-୫ରେ (ଦୃଷ୍ଟ ଚି’-୫୩)	ଗଞ୍ଜାମ	ଯୋ(ବିଦ୍ୟୁ)	ନା	ହଁ	୩୦	୧୯	୧୬୦	୩	୩୪ମି X ୩୪ମି
୨୫୧	ଖଡ଼ାଳା ଏସ୍‌ଏଚ୍-୧୭ରେ	ଜୟପୁର	ଯୋ	ନା	ହଁ	୩୦	୧୯	୧୬୦	୩	୩୪ମି X ୩୪ମି
୨୫୨	ଅଗଗଡ଼ା ଏସ୍‌ଏଚ୍-୫ରେ (ଦୃଷ୍ଟ ଏସ୍‌ଏଚ୍-୫୩)	ଯାଜପୁର	ଯୋ	ନା	ହଁ	୩୦	୨୪	୧୦୪	୩	୩୪ମି X ୩୪ମି
୨୫୩	ମାଲେଗୁଡ଼ା	ଜୟପୁର	ଡିଜେଲ୍	ନା	ହଁ	୩୦	୮୦	୮୦	୨	୩୪ମି X ୩୪ମି
୨୫୪	ଭିଗେରେଜା ରୁ ବାଙ୍ଗାରା ଗଣ ପର୍ଯ୍ୟନ୍ତ ଏସ୍‌ଏଚ୍-୫ରେ
(୫ କିମି ମଧ୍ୟରେ)	କୋରାପୁଟ	ଯୋ(ବିଦ୍ୟୁ)	ନା	ହଁ	୩୦	୩୫	୧୬୦	୩	୩୪ମି X ୩୪ମି
୨୫୫	ଗେବେଗେଶାରୁ ଗେରେଗିଆରେ ଏସ୍‌ଏଚ୍-୫ରେ
(୩ କିମି ମଧ୍ୟରେ)	ଅବୁପୁରର	ଯୋ	ନା	ହଁ	୩୦	୧୨	୧୬୬	୩	୩୪ମି X ୩୪ମି
୨୫୬	ସେଗେନେଗାରୁ ଛକରୁ ଗେଲେଗିଆପ ଅଭିମୁଖେ
ବାଗାଳ ଏସ୍‌ଏଚ୍-୫ରେ	କଟକ	ଡିଜେଲ୍	ନା	ହଁ	୩୦	୧୫	୧୫୦	୨	୩୪ମି X ୩୪ମି
୨୫୭	ଗେଗାଗା ଗେଗେରାରୁ ଉବିଗାଣ ଗେଗ
(ବାଗିରିଗା ମାର୍ଗରେ)	ମୟୂରଭଞ୍ଜ	ଯୋ	ନା	ହଁ	୩୦	୧୬	୧୫୦	୨	୩୪ମି X ୩୪ମି
୨୫୮	ଗେଗେଗିରା ଛକରୁ ଗଣ୍ଡାରାଗା ଏସ୍‌ଏଚ୍-୫ରେ
(ଦୃଷ୍ଟ ଏସ୍‌ଏଚ୍-୫୩)	କୋରାପୁଟ	ଯୋ(ବିଦ୍ୟୁ)	ନା	ହଁ	୩୦	୧୬	୧୫୦	୨	୩୪ମି X ୩୪ମି
୨୫୯	ଗେଗେଗୁଡ଼ା ଛକରୁ ଗେଗୁଡ଼ିଣା ଅଭିମୁଖେ
(୨ କିମି ମଧ୍ୟରେ)	ଗଞ୍ଜାମ	ପିଏସ୍	ନା	ହଁ	୩୦	୧୪	୧୫୦	୨	୩୪ମି X ୩୪ମି
୨୬୦	ଗେରେ ଛକରୁ ଗେଗେଗିରା ଏସ୍‌ଏଚ୍-୫ରେ	ମୟୂରଭଞ୍ଜ	ଯୋ	ହଁ	ନା	୩୦	୨୮	୨୩୦	୨	୩୪ମି X ୩୪ମି
୨୬୧	ଗେଗେଗେଗାରୁ ଗେଗେଗେ ଗଣ ପର୍ଯ୍ୟନ୍ତ (ଗେଗୁରିଗ ଗୁବେଗେଗ
ଅଭିମୁଖେ) ଏସ୍‌ଏଚ୍-୫ରେ (ଦୃଷ୍ଟ ଏସ୍‌ଏଚ୍-୫୩)	ଗଞ୍ଜାମ	ଯୋ	ନା	ହଁ	୩୦	୩୭	୧୬୦	୩	୩୪ମି X ୩୪ମି
୨୬୨	ଗେଗେଗିଗୁଡ଼ା ଏସ୍‌ଏଚ୍-୫ରେ (ଦୃଷ୍ଟ ଏସ୍‌ଏଚ୍-୫୩)	ଜଗତସିଂହପୁର	ଯୋ(ବିଦ୍ୟୁ)	ନା	ହଁ	୩୦	୩୮	୧୬୦	୩	୩୪ମି X ୩୪ମି
୨୬୩	ଗେଗିଗି (୫ କିମି ମଧ୍ୟରେ) ଗେଗି ପର୍ଯ୍ୟନ୍ତ ଏସ୍‌ଏଚ୍-୫ରେ
(ଦୃଷ୍ଟ ଏସ୍‌ଏଚ୍-୫୩) ଗେଗିଗେଗାରା ଗେଗୁଡ଼	ଗଞ୍ଜାମ	ଯୋ	ନା	ହଁ	୩୦	୩୩	୧୬୦	୩	୩୪ମି X ୩୪ମି
୨୬୪	ଅଗେଗାଗ ଗଣ ଗାର୍ଡ଼ ଏସ୍‌ଏଚ୍-୫ରେ (ଦୃଷ୍ଟ)	ଗଞ୍ଜାମ	ଯୋ	ନା	ହଁ	୬	୨୭	୧୬୦	୩	୩୪ମି X ୩୪ମି
୨୬୫	ମାଲିଗୁଡ଼ା ଛକ ଏସ୍‌ଏଚ୍-୫ରେ	କେନ୍ଦ୍ରାପଡ଼ା	ଯୋ(ବିଦ୍ୟୁ)	ନା	ହଁ	୩୦	୨୨	୧୬୦	୩	୩୪ମି X ୩୪ମି
୨୬୬	ଗୋପାଳପୁର ଏସ୍‌ଏଚ୍-୫ରେ	କେନ୍ଦ୍ରାପଡ଼ା	ପିଏସ୍	ନା	ହଁ	୩୦	୨୨	୧୬୦	୩	୩୪ମି X ୩୪ମି
ମୁଦ୍ରଣ-ବିଜ୍ଞାପନ										
୨୬୭	ବିରିଡ଼ି ଏସ୍‌ଏଚ୍-୫ରେ	ଖୋର୍ଦ୍ଧା	ଯୋ	ନା	ହଁ	୩୦	୧୩	୧୦୦	୨	୪୫ମି X ୪୫ମି
୨୬୮	ବାରାଗୋଷ୍ଠୀ	ଖୋର୍ଦ୍ଧା	ପିଏସ୍	ନା	ହଁ	୩୦	୧୫	୧୫୦	୨	୪୫ମି X ୪୫ମି
୨୬୯	ରାଗାଡ଼ା ଗୁଡ଼ାଗେଲେଗା ଛକରୁ ଗୋଡ଼
ଏସ୍‌ଏଚ୍-୫ରେ	ଯାଜପୁର	ଯୋ	ନା	ହଁ	୩୦	୨୨	୧୬୪	୩	୩୪ମି X ୩୪ମି
୨୭୦	ଗାଗେଗେଗଗାରୁ ଗୁଗିଗେ (ଗୋବାଗା ପାର୍କରେ ଏସ୍‌ଏଚ୍-୫ରେ
(ଦୃଷ୍ଟ ନଗରଠ-୫୩)	ଖୋର୍ଦ୍ଧା	ଯୋ	ନା	ହଁ	୩୦	୧୫	୨୦୦	୩	୪୫ମି X ୪୫ମି
୨୭୧	ଗେ. ଗେଗାଗ ଏସ୍‌ଏଚ୍-୫ରେ (ଦୃଷ୍ଟ ଚି’-୫୩)	ଖୋର୍ଦ୍ଧା	ଏସ୍‌ଏଚ୍	ନା	ହଁ	୩୦	୧୬	୧୨୫	୨	୪୫ମି X ୪୫ମି
୨୭୨	ଗେଗେଗେଗ ଏସ୍‌ଏଚ୍-୫ରେ (୫ କିମି ମଧ୍ୟରେ)	ଖୋର୍ଦ୍ଧା	ଯୋ	ନା	ହଁ	୩୦	୨୨	୧୬୪	୩	୪୫ମି X ୪୫ମି
୨୭୩	ଗାଗିଗିଗ ଏସ୍‌ଏଚ୍-୫ରେ (ଦୃଷ୍ଟ ଚି’-୫୩)	ଖୋର୍ଦ୍ଧା	ଯୋ(ବିଦ୍ୟୁ)	ନା	ହଁ	୩୦	୧୬	୧୨୫	୨	୪୫ମି X ୪୫ମି
୨୭୪	ଗାଗେଗେଗେଗ ଗାଗିଗ ଛକ	ଖୋର୍ଦ୍ଧା	ଯୋ	ନା	ହଁ	୩୦	୧୪	୧୫୦	୨	୪୫ମି X ୪୫ମି
୨୭୫	ଗେଗେଗାଗ ଗେଗେ ଏସ୍‌ଏଚ୍-୫ରେ	ଖୋର୍ଦ୍ଧା	ଯୋ	ନା	ହଁ	୩୦	୧୪	୧୫୦	୨	୪୫ମି X ୪୫ମି
୨୭୬	ଗେଗେଗେଗ ଗିଗେଗିଗ ଏସ୍‌ଏଚ୍-୫ରେ
(ଦୃଷ୍ଟ ଚି’-୫୩) ଗେଗେଗେଗ ୫ କିମି ମଧ୍ୟରେ	ଖୋର୍ଦ୍ଧା	ଯୋ	ନା	ହଁ	୩୦	୧୪	୧୫୦	୨	୪୫ମି X ୪୫ମି
୨୭୭	ଗେଗେଗିଗ ଗାଗାଗ ଏସ୍‌ଏଚ୍-୫ରେ	କଳାହାଣ୍ଡି	ଡିଜେଲ୍(ବିଦ୍ୟୁ)	ନା	ହଁ	୩୦	୧୩	୧୫୦	୨	୪୫ମି X ୪୫ମି
୨୭୮	ଗେଗେଗେଗ ଗାଗଗ ଏସ୍‌ଏଚ୍-୫ରେ	କଳାହାଣ୍ଡି	ପିଏସ୍	ନା	ହଁ	୩୦	୧୩	୧୫୦	୨	୪୫ମି X ୪୫ମି
୨୭୯	ଗେଗେଗେଗ ଗେଗେ ଏସ୍‌ଏଚ୍-୫ରେ	ଖୋର୍ଦ୍ଧା	ଡବ୍ଲ୍ୟୁଏସ୍	ନା	ହଁ	୩୦	୧୩	୧୫୦	୨	୪୫ମି X ୪୫ମି
୨୮୦	ଗାଗେଗେଗ ଗେଗେ ଏସ୍‌ଏଚ୍-୫ରେ
(ଦୃଷ୍ଟ ଚି’-୫୩)	ଖୋର୍ଦ୍ଧା	ଯୋ	ନା	ହଁ	୩୦	୧୩	୧୫୦	୨	୪୫ମି X ୪୫ମି
୨୮୧	ଗେଗେଗ (ଗେଗେଗ) ଗାଗେଗେଗ ଏସ୍‌ଏଚ୍-୫ରେ
(ଦୃଷ୍ଟ ଚି’-୫୩)	ଖୋର୍ଦ୍ଧା	ଯୋ	ନା	ହଁ	୩୦	୧୨	୯୦	୨	୪୫ମି X ୪୫ମି
୨୮୨	ଗୋଗେଗେଗ ପ୍ରାଣିକ	କେନ୍ଦୁଝର	ଯୋ	ନା	ହଁ	୩୦	୧୨	୧୦୦	୨	୪୫ମି X ୪୫ମି
୨୮୩	ଗାଗେଗେଗେଗ ଗାଗେଗେଗ ଏସ୍‌ଏଚ୍-୫ରେ	କୋରାପୁଟ	ଯୋ	ନା	ହଁ	୩୦	୧୨	୧୦୦	୨	୪୫ମି X ୪୫ମି
୨୮୪	ଗାଗେଗେଗାଗ ଗାଗେଗି ଏସ୍‌ଏଚ୍-୫ରେ	କୋରାପୁଟ	ଯୋ	ନା	ହଁ	୩୦	୧୨	୧୦୦	୨	୪୫ମି X ୪୫ମି
୨୮୫	ଗିଗିଗିଗ ଏସ୍‌ଏଚ୍-୫ରେ	କୋରାପୁଟ	ଡିଜେଲ୍	ନା	ହଁ	୩୦	୧୧	୯୦	୨	୪୫ମି X ୪୫ମି
୨୮୬	ଗେଗେଗେଗ ଗଗେଗେ ଗାଗ (ଗେଗେଗେଗ ଗେଗେଗ)
୫ କିମି ମଧ୍ୟରେ ଏସ୍‌ଏଚ୍-୫ରେ	ଯାଜପୁର	ପିଏସ୍(ବିଦ୍ୟୁ)	ନା	ହଁ	୩୦	୧୮	୧୦୦	୨	୪୫ମି X ୪୫ମି
୨୮୭	ଗାଗେଗେଗେଗ ଗ ଗାଗେଗ ଏସ୍‌ଏଚ୍-୫ରେ	ରାୟଗଡ଼ା	ଯୋ	ନା	ହଁ	୩୦	୧୪	୧୦୦	୨	୪୫ମି X ୪୫ମି
୨୮୮	ଗେଗେଗେଗ ଗାଗେଗେଗ ଏସ୍‌ଏଚ୍-୫ରେ	ଯାଜପୁର	ଯୋ	ନା	ହଁ	୩୦	୧୪	୧୦୦	୨	୪୫ମି X ୪୫ମି
୨୮୯	ଗେଗେଗେଗ ଗେଗେଗେଗ ଏସ୍‌ଏଚ୍-୫ରେ
୫ କିମି ମଧ୍ୟରେ ଏସ୍‌ଏଚ୍-୫ରେ	ଯାଜପୁର	ଯୋ	ନା	ହଁ	୩୦	୧୦	୧୦୦	୨	୪୫ମି X ୪୫ମି
୨୯୦	ଗାଗେଗେଗ ଗେଗେ (ଦୃଷ୍ଟ ଚି’-୫୩)	ଯାଜପୁର	ଯୋ(ବିଦ୍ୟୁ)	ନା	ହଁ	୩୦	୧୫	୧୬୪	୨	୪୫ମି X ୪୫ମି
୨୯୧	ଗେଗେଗିଗ ଗାଗେଗ	ଯାଜପୁର	ପିଏସ୍(ବିଦ୍ୟୁ)	ନା	ହଁ	୩୦	୧୩	୧୦୦	୨	୪୫ମି X ୪୫ମି
୨୯୨	ଗୁଗୁଗ ଗାଗେ ଏସ୍‌ଏଚ୍-୫ରେ	ଯୁଗ୍ମପଡ଼ା	ଯୋ	ନା	ହଁ	୩୦	୧୩	୧୦୦	୨	୪୫ମି X ୪୫ମି
୨୯୩	ଗେଗେଗିଗ ଗାଗେଗେଗ ଏସ୍‌ଏଚ୍-୫ରେ
ଗିଗିଗ ଗୋଗ ୧୦ କି ୪ କିମି	କେନ୍ଦ୍ରାପଡ଼ା	ଯୋ	ନା	ହଁ	୩୦	୧୩	୧୦୦	୨	୪୫ମି X ୪୫ମି
୨୯୪	ଗିଗେଗିଗ ଏସ୍‌ଏଚ୍-୫ରେ	କୋରାପୁଟ	ଡିଜେଲ୍	ନା	ହଁ	୩୦	୧୩	୧୦୦	୨	୪୫ମି X ୪୫ମି
୨୯୫	ଗଗେଗ ଗାଗେଗେଗ ଗ ଏସ୍‌ଏଚ୍-୫ରେ	କୋରାପୁଟ	ପିଏସ୍	ନା	ହଁ	୩୦	୧୩	୧୦୦	୨	୪୫ମି X ୪୫ମି
୨୯୬	ଗେଗେଗେଗ ଗେଗେଗି ଗାଗ ୫ କିମି ମଧ୍ୟରେ
ଏସ୍‌ଏଚ୍-୫ରେ	ଯାଜପୁର	ଯୋ	ନା	ହଁ	୩୦	୧୩	୧୦୦	୨	୪୫ମି X ୪୫ମି
୨୯୭	ଗେଗେଗିଗ ଗାଗେଗ (ଦୃଷ୍ଟ ଚି’-୫୩)	ଖୋର୍ଦ୍ଧା	ପିଏସ୍	ନା	ହଁ	୩୦	୧୧	୯୦	୨	୪୫ମି X ୪୫ମି
୨୯୮	ଗୁଗୁଗି ଗ ଗୁଗୁଗୁଗ ଏସ୍‌ଏଚ୍-୫ରେ	ଯାଜପୁରଗଡ଼	ଯୋ	ନା	ହଁ	୩୦	୧୩	୧୦୦	୨	୪୫ମି X ୪୫ମି
୨୯୯	ଗେଗିଗେଗ ଗାଗେଗ ଏସ୍‌ଏଚ୍-୫ରେ	ଯାଜପୁରଗଡ଼	ଯୋ	ନା	ହଁ	୩୦	୧୩	୧୦୦	୨	୪୫ମି X ୪୫ମି
୩୦୦	ଗେଗେଗିଗ ଗାଗେଗ	ଯାଜପୁରଗଡ଼	ଯୋ	ନା	ହଁ	୩୦	୧୩	୧୦୦	୨	୪୫ମି X ୪୫ମି
୩୦୧	ଗୁଗିଗିଗ ଏସ୍‌ଏଚ୍-୫ରେ	ଯାଜପୁରଗଡ଼	ଯୋ	ନା	ହଁ	୩୦	୧୩	୧୦୦	୨	୪୫ମି X ୪୫ମି
୩୦୨	ଗୁଗିଗିଗ ଏସ୍‌ଏଚ୍-୫ ରେ	ଯାଜପୁରଗଡ଼	ପିଏସ୍	ନା	ହଁ	୩୦	୧୩	୧୦୦	୨	୪୫ମି X ୪୫ମି
୩୦୩	ଗୁଗୁଗ ଗାଗେଗ ଏସ୍‌ଏଚ୍-୫ରେ	ଯାଜପୁରଗଡ଼	ଯୋ(ବିଦ୍ୟୁ)	ନା	ହଁ	୩୦	୧୩	୧୦୦	୨	୪୫ମି X ୪୫ମି
୩୦୪	ଗୁଗୁଗେଗ ଗାଗେଗ	ଯାଜପୁରଗଡ଼	ଯୋ	ନା	ହଁ	୩୦	୧୩	୧୦୦	୨	୪୫ମି X ୪୫ମି
୩୦୫	ଗାଗେଗେଗ ଗୁ ଗାଗେଗ ଗାଗାଗ	ଯାଜପୁରଗଡ଼	ଯୋ	ନା	ହଁ	୩୦	୧୩	୧୦୦	୨	୪୫ମି X ୪୫ମି
୩୦୬	ଗିଗିଗିଗ ଏସ୍‌ଏଚ୍-୫ରେ	ଯାଜପୁରଗଡ଼	ଡିଜେଲ୍(ବିଦ୍ୟୁ)	ନା	ହଁ	୩୦	୧୩	୧୦୦	୨	୪୫ମି X ୪୫ମି
୩୦୭	ଗେଗେଗିଗ	ଯାଜପୁରଗଡ଼	ଯୋ(ବିଦ୍ୟୁ)	ନା	ହଁ	୩୦	୧୩	୧୦୦	୨	୪୫ମି X ୪୫ମି
୩୦୮	ଗୁଗୁଗେଗ ଗୋଗ ଗେଗେ ୫ କିମି ମଧ୍ୟରେ ଗାଗେଗେଗ
ଗଗ ଗାଗେଗ ଏସ୍‌ଏଚ୍-୫ରେ	ଯାଜପୁରଗଡ଼	ଯୋ	ନା	ହଁ	୩୦	୧୩	୧୦୦	୨	୪୫ମି X ୪୫ମି
୩୦୯	ଗେଗେଗେଗ ଗେଗେଗେଗ ଏସ୍‌ଏଚ୍-୫ରେ
୫ କିମି ମଧ୍ୟରେ	ଯାଜପୁରଗଡ଼	ଯୋ	ନା	ହଁ	୩୦	୧୩	୧୦୦	୨	୩୪ମି X ୩୪ମି
୩୧୦	ଗାଗୁଗ ଗାଗି	ଯାଜପୁରଗଡ଼	ପିଏସ୍(ବିଦ୍ୟୁ)	ନା	ହଁ	୩୦	୧୦	୧୦୦	୨	୩୪ମି X ୩୪ମି
୩୧୧	ଏସ୍‌ଏଚ୍-୫ରେ ଗିଗିଗିଗ (ଗାଗେଗେଗ ଗେଗ)
ଗିଗି ଗାଗାଗ ଗାଗ ପାର୍କରେ	ଯାଜପୁରଗଡ଼	ଯୋ	ନା	ହଁ	୩୦	୧୨	୧୦୦	୨	୩୦ ମି. X ୩୦ମି.
୩୧୨	ଗେଗେଗ ଗୋଗ ଏସ୍‌ଏଚ୍-୫ରେ	ଯାଜପୁରଗଡ଼	ଯୋ	ନା	ହଁ	୩୦	୧୨	୧୦୦	୨	୩୦ ମି. X ୩୦ମି.
୩୧୩	ଏସ୍‌ଏଚ୍-୫ରେ ଗାଗେଗେଗ (ଦୃଷ୍ଟ ଚି’-୫୩)	କେନ୍ଦୁଝର	ପିଏସ୍(ବିଦ୍ୟୁ)	ନା	ହଁ	୩୦	୧୨	୧୦୦	୨	୩୦ ମି. X ୩୦ମି.
୩୧୪	ଗାଗିଗେଗ ଗାଗେଗେଗ ଗ ଗାଗେଗ
ଗେଗେଗ ଗାଗେଗ ଗେ ଗୋଗ	କେନ୍ଦୁଝର	ଯୋ (ବିଦ୍ୟୁ)	ନା	ହଁ	୩୦	୧୨	୧୦୦	୨	୩୦ ମି. X ୩୦ମି.
୩୧୫	ଗାଗେଗେଗେଗ ଗାଗେଗ	ଯାଜପୁରଗଡ଼	ଯୋ	ନା	ହଁ	୩୦	୧୨	୧୦୦	୨	୩୦ ମି. X ୩୦ମି.
୩୧୬	ଗେଗେଗିଗ	ଯାଜପୁରଗଡ଼	ଯୋ	ନା	ହଁ	୩୦	୧୨	୧୦୦	୨	୩୦ ମି. X ୩୦ମି.
୩୧୭	ଏସ୍‌ଏଚ୍-୫ରେ ୨ ଗାଗାଗି ଗାଗେଗ	ମାଲକାନଗିରି	ଡବ୍ଲ୍ୟୁଏସ୍(ବିଦ୍ୟୁ)	ନା	ହଁ	୩୦	୧୨	୧୦୦	୨	୩୦ ମି. X ୩୦ମି.
୩୧୮	ଏସ୍‌ଏଚ୍-୫ରେ ଗାଗେଗେଗ ଗାଗେଗ	ଯାଜପୁରଗଡ଼	ଯୋ	ନା	ହଁ	୩୦	୧୨	୧୦୦	୨	୩୦ ମି. X ୩୦ମି.
୩୧୯	ଏସ୍‌ଏଚ୍-୫ରେ ଗାଗେଗେଗ ଗ ଗାଗେଗ
(ଦୃଷ୍ଟ ଚି’-୫୩)	ଯାଜପୁରଗଡ଼	ଏସ୍‌ଏଚ୍(ବିଦ୍ୟୁ)	ନା	ହଁ	୩୦	୧୨	୧୦୦	୨	୩୦ ମି. X ୩୦ମି.
୩୨୦	ଏସ୍‌ଏଚ୍-୫ରେ ଗାଗେଗେଗ ଗାଗ ଗାଗେଗେଗ ୫ କିମି
ମଧ୍ୟରେ ଗାଗେଗେଗ ଗାଗେଗ	କଳାହାଣ୍ଡି	ଯୋ	ନା	ହଁ	୩୦	୧୨	୧୦୦	୨	୩୦ ମି. X ୩୦ମି.
୩୨୧	ଏସ୍‌ଏଚ୍-୫ରେ ଗାଗେଗେଗ (ଦୃଷ୍ଟ ଚି’-୫୩)	ଯାଜପୁରଗଡ଼	ଯୋ	ନା	ହଁ	୩୦	୧୨	୧୦୦	୨	୩୦ ମି. X ୩୦ମି.
୩୨୨	ଏସ୍‌ଏଚ୍-୫ରେ ଗାଗେଗେଗ ଗାଗେଗ	କେନ୍ଦୁଝର	ଡିଜେଲ୍	ନା	ହଁ	୩୦	୧୨	୧୦୦	୨	୩୦ ମି. X ୩୦ମି.
୩୨୩	ଏସ୍‌ଏଚ୍-୫ରେ ଗାଗେଗେଗ (ଗାଗେଗ ଗେଗ)	କେନ୍ଦୁଝର	ଯୋ (ବିଦ୍ୟୁ)	ନା	ହଁ	୩୦	୧୨	୧୦୦	୨	୩୦ ମି. X ୩୦ମି.
୩୨୪	ଏସ୍‌ଏଚ୍-୫ରେ ଗାଗ ଗାଗେଗେଗ ଗାଗେଗ
(ଗାଗେଗେଗ ଗାଗେଗ) ୫ କିମି ମଧ୍ୟରେ	ରାୟଗଡ଼ା	ଯୋ	ନା	ହଁ	୩୦	୧୨	୧୦୦	୨	୩୦ ମି. X ୩୦ମି.
୩୨୫	ଏସ୍‌ଏଚ୍-୫ରେ ଗାଗେଗେଗ ଗାଗେଗ ଗାଗେଗ
(ଗିଗେଗିଗ ଗାଗେଗ) ୫ କିମି ମଧ୍ୟରେ	ଅଗରଗଡ଼	ଯୋ	ନା	ହଁ	୩୦	୧୨	୧୦୦	୨	୩୦ ମି. X ୩୦ମି.
୩୨୬	ଗାଗେଗେଗ-ଗିଗିଗାଗୁଗ ଗୁଗୁଗାଗ	କୋରାପୁଟ	ଯୋ	ନା	ହଁ	୩୦	୧୨	୧୦୦	୨	୩୦ ମି. X ୩୦ମି.
୩୨୭	ଗାଗେଗ ଗାଗେଗ	କୋରାପୁଟ	ପିଏସ୍	ନା	ହଁ	୩୦	୧୨	୧୦୦	୨	୩୦ ମି. X ୩୦ମି.
୩୨୮	ଗାଗେଗ ଗାଗେଗ	କଳାହାଣ୍ଡି	ଯୋ (ବିଦ୍ୟୁ)	ନା	ହଁ	୩୦	୧୨	୧୦୦	୨	୩୦ ମି. X ୩୦ମି.
୩୨୯	ଗିଗିଗିଗ ଗାଗେଗେଗ (ଏସ୍‌ଏଚ୍-୫୨ରେ)
(ଦୃଷ୍ଟ ଏସ୍‌ଏଚ୍-୫୩)	ଅଗରଗଡ଼	ଯୋ (ବିଦ୍ୟୁ)	ନା	ହଁ	୩୦	୧୨	୧୦୦	୨	୩୦ ମି. X ୩୦ମି.
୩୩୦	ଗାଗେଗେଗ-୧.୨୦ ଗାଗେଗେଗ	କୋରାପୁଟ	ଯୋ	ନା	ହଁ	୩୦	୧୨	୧୦୦	୨	୩୦ ମି. X ୩୦ମି.
୩୩୧	ଏସ୍‌ଏଚ୍-୫ରେ ଗାଗେଗେଗ ଗାଗୁଗ	ଯାଜପୁରଗଡ଼	ଯୋ (ବିଦ୍ୟୁ)	ନା	ହଁ	୩୦	୧୨	୧୦୦	୨	୩୦ ମି. X ୩୦ମି.
୩୩୨	ଏସ୍‌ଏଚ୍-୫ରେ ଗାଗେଗେଗ ଗାଗେଗ ଗାଗେଗ (ଦୃଷ୍ଟ
ଚି’-୫୩), ଗିଗିଗିଗ, ଗାଗ ୫୫୩ ରୁ ୫୭ କିମି	ଯାଜପୁରଗଡ଼	ଡିଜେଲ୍ (ବିଦ୍ୟୁ)	ନା	ହଁ	୩୦	୧୨	୧୦୦	୨	୩୦ ମି. X ୩୦ମି.
୩୩୩	ଏସ୍‌ଏଚ୍-୫ରେ ଗାଗେଗେଗ ଗାଗେଗ ଗାଗେଗ (ଦୃଷ୍ଟ
ଚି’-୫୩) ଗାଗ ୫ କିମି, ଗାଗ ୫୫ ରୁ ୫୮ କିମି	କେନ୍ଦୁଝର	ପିଏସ୍ (ବିଦ୍ୟୁ)	ନା	ହଁ	୩୦	୧୨	୧୦୦	୨	୩୦ ମି. X ୩୦ମି.
୩୩୪	ଏସ୍‌ଏଚ୍-୫ରେ ଗାଗେଗେଗ ଗାଗେଗ ୫ କିମି ମଧ୍ୟରେ
ଗାଗେଗେଗ ଗାଗେଗ ଗାଗେଗେଗ ଗାଗେଗ (ଦୃଷ୍ଟ
ଚି’-୫୩) (ଗ ଗିଗି ମଧ୍ୟରେ)	କେନ୍ଦୁଝର	ଯୋ	ନା	ହଁ	୩୦	୧୨	୧୦୦	୨	୩୦ ମି. X ୩୦ମି.
୩୩୫	ଗାଗେଗେଗ (୫ କିମି ମଧ୍ୟରେ)	କେନ୍ଦୁଝର	ଯୋ	ନା	ହଁ	୩୦	୧୨	୧୦୦	୨	୩୦ ମି. X ୩୦ମି.
୩୩୬	ଗାଗିଗିଗ ଏସ୍‌ଏଚ୍, ଗାଗ ୫୩ରେ	କେନ୍ଦୁଝର	ଯୋ	ନା	ହଁ	୩୦	୧୨	୧୦୦	୨	୩୦ ମି. X ୩୦ମି.
ପରବର୍ତ୍ତୀ ପୃଷ୍ଠା ଦେଖନ୍ତୁ
